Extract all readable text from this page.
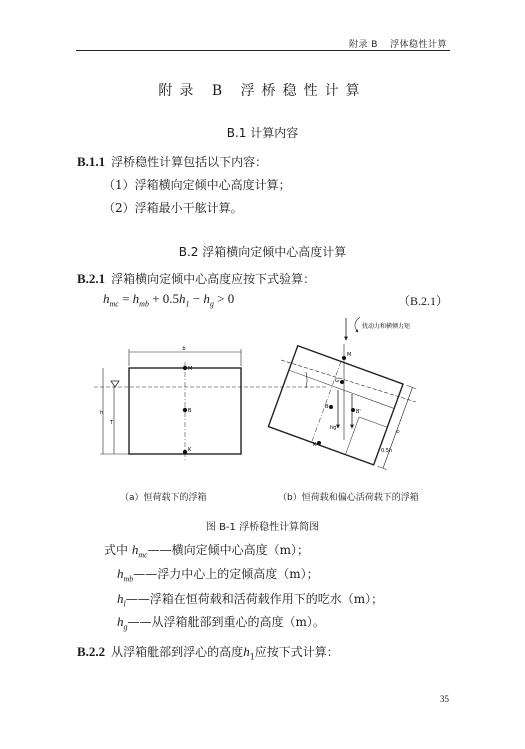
附录 B 浮体稳性计算
附录 B 浮桥稳性计算
B.1 计算内容
B.1.1 浮桥稳性计算包括以下内容：
（1）浮箱横向定倾中心高度计算；
（2）浮箱最小干舷计算。
B.2 浮箱横向定倾中心高度计算
B.2.1 浮箱横向定倾中心高度应按下式验算：
$h_{mc} = h_{mb} + 0.5h_1 - h_g > 0$	（B.2.1）
b
h
T
M
B
K
扰动力和横倾力矩
h
M
G
B
B'
K
hg
0.5h
（a）恒荷载下的浮箱	（b）恒荷载和偏心活荷载下的浮箱
图 B-1 浮桥稳性计算简图
式中 $h_{mc}——$横向定倾中心高度（m）；
$h_{mb}——$浮力中心上的定倾高度（m）；
$h_l——$浮箱在恒荷载和活荷载作用下的吃水（m）；
$h_g——$从浮箱舭部到重心的高度（m）。
B.2.2 从浮箱舭部到浮心的高度$h_1$应按下式计算：
35
